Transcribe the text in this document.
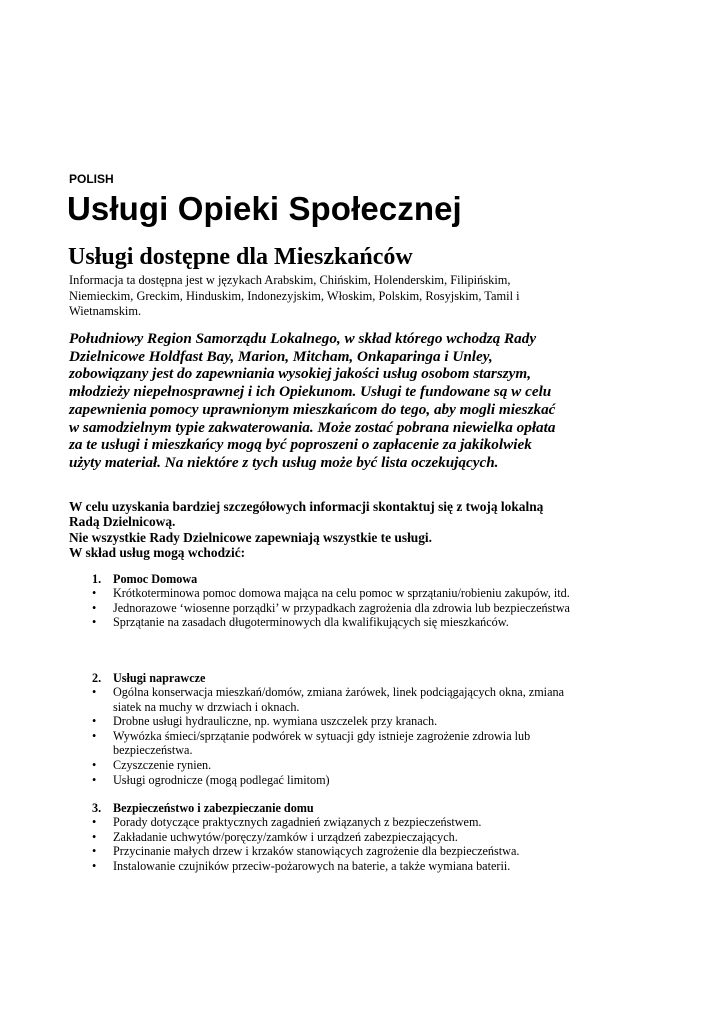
POLISH
Usługi Opieki Społecznej
Usługi dostępne dla Mieszkańców

Informacja ta dostępna jest w językach Arabskim, Chińskim, Holenderskim, Filipińskim, Niemieckim, Greckim, Hinduskim, Indonezyjskim, Włoskim, Polskim, Rosyjskim, Tamil i Wietnamskim.

Południowy Region Samorządu Lokalnego, w skład którego wchodzą Rady Dzielnicowe Holdfast Bay, Marion, Mitcham, Onkaparinga i Unley, zobowiązany jest do zapewniania wysokiej jakości usług osobom starszym, młodzieży niepełnosprawnej i ich Opiekunom. Usługi te fundowane są w celu zapewnienia pomocy uprawnionym mieszkańcom do tego, aby mogli mieszkać w samodzielnym typie zakwaterowania. Może zostać pobrana niewielka opłata za te usługi i mieszkańcy mogą być poproszeni o zapłacenie za jakikolwiek użyty materiał. Na niektóre z tych usług może być lista oczekujących.

W celu uzyskania bardziej szczegółowych informacji skontaktuj się z twoją lokalną Radą Dzielnicową.
Nie wszystkie Rady Dzielnicowe zapewniają wszystkie te usługi.
W skład usług mogą wchodzić:
1. Pomoc Domowa
• Krótkoterminowa pomoc domowa mająca na celu pomoc w sprzątaniu/robieniu zakupów, itd.
• Jednorazowe ‘wiosenne porządki’ w przypadkach zagrożenia dla zdrowia lub bezpieczeństwa
• Sprzątanie na zasadach długoterminowych dla kwalifikujących się mieszkańców.
2. Usługi naprawcze
• Ogólna konserwacja mieszkań/domów, zmiana żarówek, linek podciągających okna, zmiana siatek na muchy w drzwiach i oknach.
• Drobne usługi hydrauliczne, np. wymiana uszczelek przy kranach.
• Wywózka śmieci/sprzątanie podwórek w sytuacji gdy istnieje zagrożenie zdrowia lub bezpieczeństwa.
• Czyszczenie rynien.
• Usługi ogrodnicze (mogą podlegać limitom)
3. Bezpieczeństwo i zabezpieczanie domu
• Porady dotyczące praktycznych zagadnień związanych z bezpieczeństwem.
• Zakładanie uchwytów/poręczy/zamków i urządzeń zabezpieczających.
• Przycinanie małych drzew i krzaków stanowiących zagrożenie dla bezpieczeństwa.
• Instalowanie czujników przeciw-pożarowych na baterie, a także wymiana baterii.
